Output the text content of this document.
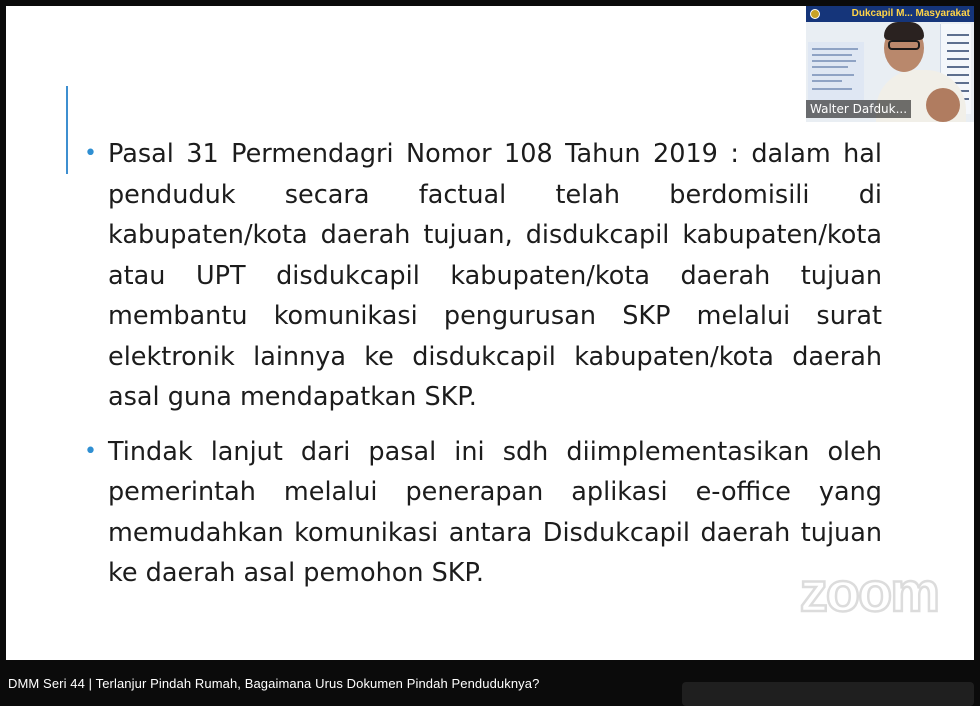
• Pasal 31 Permendagri Nomor 108 Tahun 2019 : dalam hal penduduk secara factual telah berdomisili di kabupaten/kota daerah tujuan, disdukcapil kabupaten/kota atau UPT disdukcapil kabupaten/kota daerah tujuan membantu komunikasi pengurusan SKP melalui surat elektronik lainnya ke disdukcapil kabupaten/kota daerah asal guna mendapatkan SKP.
• Tindak lanjut dari pasal ini sdh diimplementasikan oleh pemerintah melalui penerapan aplikasi e-office yang memudahkan komunikasi antara Disdukcapil daerah tujuan ke daerah asal pemohon SKP.	zoom
Dukcapil M... Masyarakat
Walter Dafduk...
DMM Seri 44 | Terlanjur Pindah Rumah, Bagaimana Urus Dokumen Pindah Penduduknya?
